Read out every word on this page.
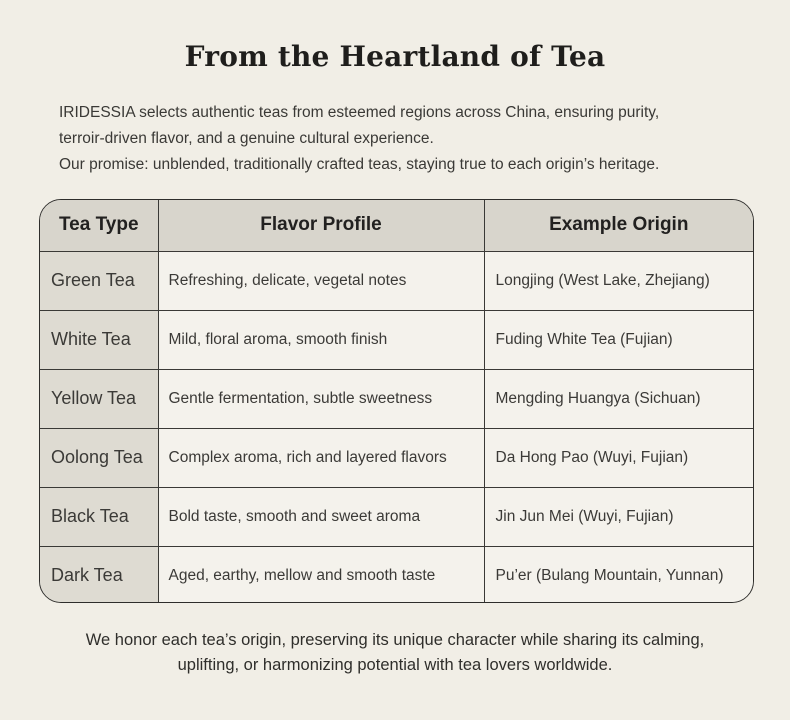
From the Heartland of Tea

IRIDESSIA selects authentic teas from esteemed regions across China, ensuring purity,

terroir-driven flavor, and a genuine cultural experience.

Our promise: unblended, traditionally crafted teas, staying true to each origin’s heritage.

Tea Type	Flavor Profile	Example Origin
Green Tea	Refreshing, delicate, vegetal notes	Longjing (West Lake, Zhejiang)
White Tea	Mild, floral aroma, smooth finish	Fuding White Tea (Fujian)
Yellow Tea	Gentle fermentation, subtle sweetness	Mengding Huangya (Sichuan)
Oolong Tea	Complex aroma, rich and layered flavors	Da Hong Pao (Wuyi, Fujian)
Black Tea	Bold taste, smooth and sweet aroma	Jin Jun Mei (Wuyi, Fujian)
Dark Tea	Aged, earthy, mellow and smooth taste	Pu’er (Bulang Mountain, Yunnan)
We honor each tea’s origin, preserving its unique character while sharing its calming,
uplifting, or harmonizing potential with tea lovers worldwide.
